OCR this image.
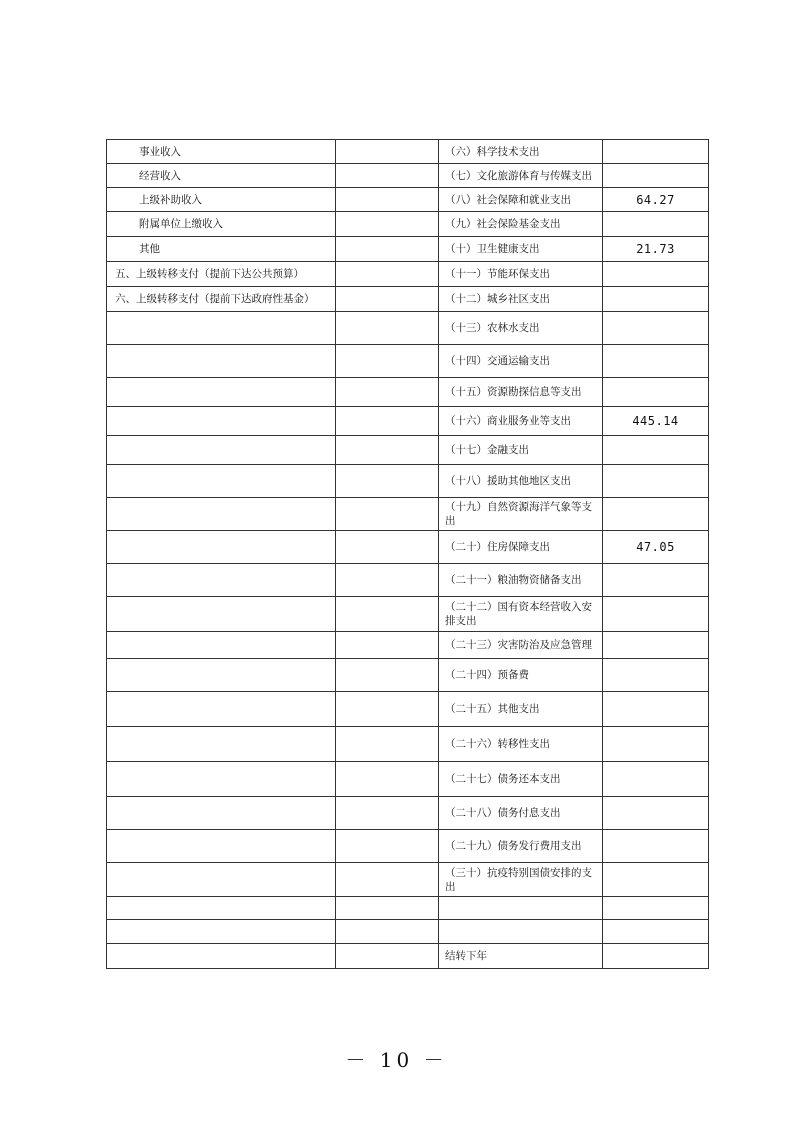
事业收入		（六）科学技术支出	
经营收入		（七）文化旅游体育与传媒支出	
上级补助收入		（八）社会保障和就业支出	64.27
附属单位上缴收入		（九）社会保险基金支出	
其他		（十）卫生健康支出	21.73
五、上级转移支付（提前下达公共预算）		（十一）节能环保支出	
六、上级转移支付（提前下达政府性基金）		（十二）城乡社区支出	
		（十三）农林水支出	
		（十四）交通运输支出	
		（十五）资源勘探信息等支出	
		（十六）商业服务业等支出	445.14
		（十七）金融支出	
		（十八）援助其他地区支出	
		（十九）自然资源海洋气象等支出	
		（二十）住房保障支出	47.05
		（二十一）粮油物资储备支出	
		（二十二）国有资本经营收入安排支出	
		（二十三）灾害防治及应急管理	
		（二十四）预备费	
		（二十五）其他支出	
		（二十六）转移性支出	
		（二十七）债务还本支出	
		（二十八）债务付息支出	
		（二十九）债务发行费用支出	
		（三十）抗疫特别国债安排的支出	

		结转下年	
－ 10 －
